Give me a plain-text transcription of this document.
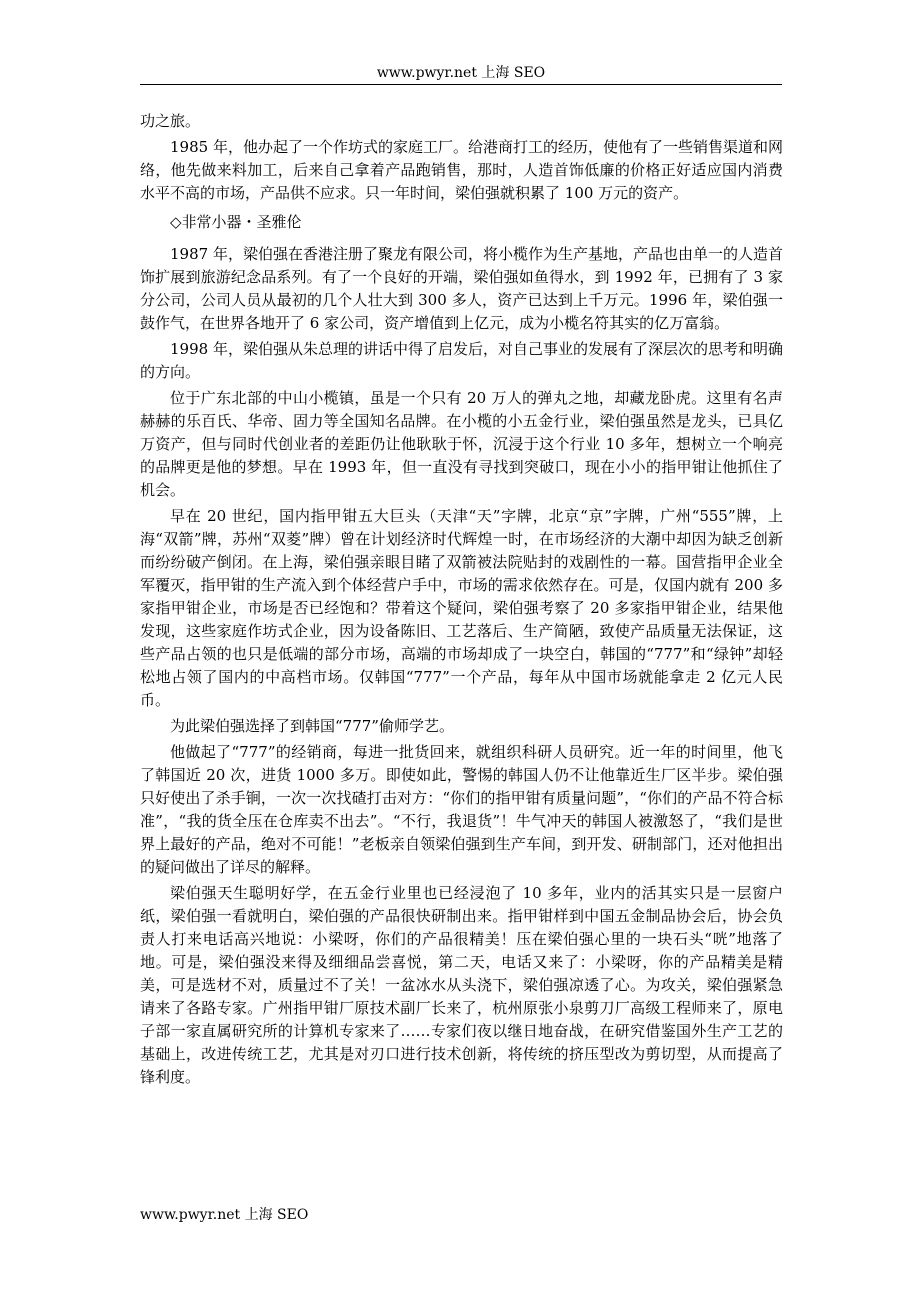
www.pwyr.net 上海 SEO

功之旅。

1985 年，他办起了一个作坊式的家庭工厂。给港商打工的经历，使他有了一些销售渠道和网络，他先做来料加工，后来自己拿着产品跑销售，那时，人造首饰低廉的价格正好适应国内消费水平不高的市场，产品供不应求。只一年时间，梁伯强就积累了 100 万元的资产。

◇非常小器・圣雅伦

1987 年，梁伯强在香港注册了聚龙有限公司，将小榄作为生产基地，产品也由单一的人造首饰扩展到旅游纪念品系列。有了一个良好的开端，梁伯强如鱼得水，到 1992 年，已拥有了 3 家分公司，公司人员从最初的几个人壮大到 300 多人，资产已达到上千万元。1996 年，梁伯强一鼓作气，在世界各地开了 6 家公司，资产增值到上亿元，成为小榄名符其实的亿万富翁。

1998 年，梁伯强从朱总理的讲话中得了启发后，对自己事业的发展有了深层次的思考和明确的方向。

位于广东北部的中山小榄镇，虽是一个只有 20 万人的弹丸之地，却藏龙卧虎。这里有名声赫赫的乐百氏、华帝、固力等全国知名品牌。在小榄的小五金行业，梁伯强虽然是龙头，已具亿万资产，但与同时代创业者的差距仍让他耿耿于怀，沉浸于这个行业 10 多年，想树立一个响亮的品牌更是他的梦想。早在 1993 年，但一直没有寻找到突破口，现在小小的指甲钳让他抓住了机会。

早在 20 世纪，国内指甲钳五大巨头（天津“天”字牌，北京“京”字牌，广州“555”牌，上海“双箭”牌，苏州“双菱”牌）曾在计划经济时代辉煌一时，在市场经济的大潮中却因为缺乏创新而纷纷破产倒闭。在上海，梁伯强亲眼目睹了双箭被法院贴封的戏剧性的一幕。国营指甲企业全军覆灭，指甲钳的生产流入到个体经营户手中，市场的需求依然存在。可是，仅国内就有 200 多家指甲钳企业，市场是否已经饱和？带着这个疑问，梁伯强考察了 20 多家指甲钳企业，结果他发现，这些家庭作坊式企业，因为设备陈旧、工艺落后、生产简陋，致使产品质量无法保证，这些产品占领的也只是低端的部分市场，高端的市场却成了一块空白，韩国的“777”和“绿钟”却轻松地占领了国内的中高档市场。仅韩国“777”一个产品，每年从中国市场就能拿走 2 亿元人民币。

为此梁伯强选择了到韩国“777”偷师学艺。

他做起了“777”的经销商，每进一批货回来，就组织科研人员研究。近一年的时间里，他飞了韩国近 20 次，进货 1000 多万。即使如此，警惕的韩国人仍不让他靠近生厂区半步。梁伯强只好使出了杀手锏，一次一次找碴打击对方：“你们的指甲钳有质量问题”，“你们的产品不符合标准”，“我的货全压在仓库卖不出去”。“不行，我退货”！牛气冲天的韩国人被激怒了，“我们是世界上最好的产品，绝对不可能！”老板亲自领梁伯强到生产车间，到开发、研制部门，还对他担出的疑问做出了详尽的解释。

梁伯强天生聪明好学，在五金行业里也已经浸泡了 10 多年，业内的活其实只是一层窗户纸，梁伯强一看就明白，梁伯强的产品很快研制出来。指甲钳样到中国五金制品协会后，协会负责人打来电话高兴地说：小梁呀，你们的产品很精美！压在梁伯强心里的一块石头“咣”地落了地。可是，梁伯强没来得及细细品尝喜悦，第二天，电话又来了：小梁呀，你的产品精美是精美，可是选材不对，质量过不了关！一盆冰水从头浇下，梁伯强凉透了心。为攻关，梁伯强紧急请来了各路专家。广州指甲钳厂原技术副厂长来了，杭州原张小泉剪刀厂高级工程师来了，原电子部一家直属研究所的计算机专家来了……专家们夜以继日地奋战，在研究借鉴国外生产工艺的基础上，改进传统工艺，尤其是对刃口进行技术创新，将传统的挤压型改为剪切型，从而提高了锋利度。

www.pwyr.net 上海 SEO
